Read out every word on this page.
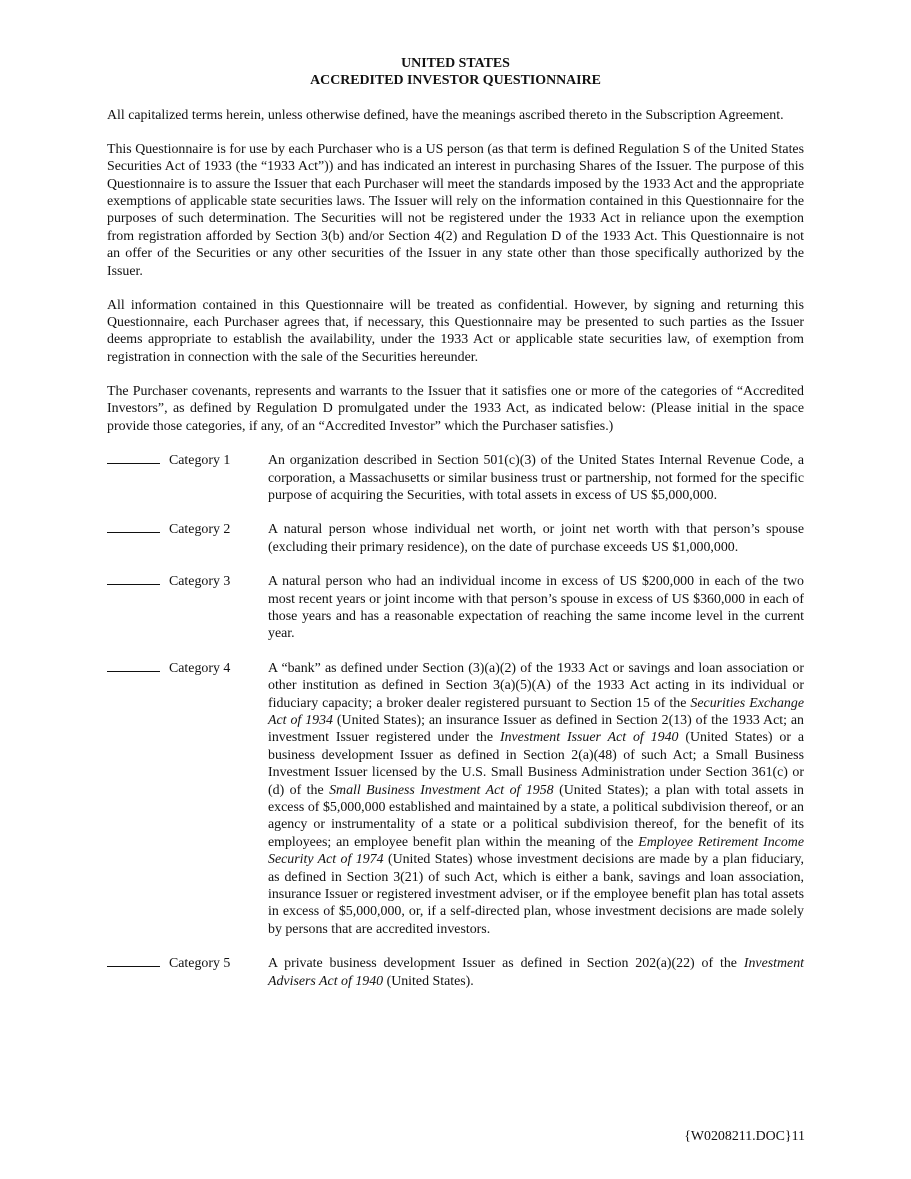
UNITED STATES
ACCREDITED INVESTOR QUESTIONNAIRE

All capitalized terms herein, unless otherwise defined, have the meanings ascribed thereto in the Subscription Agreement.

This Questionnaire is for use by each Purchaser who is a US person (as that term is defined Regulation S of the United States Securities Act of 1933 (the “1933 Act”)) and has indicated an interest in purchasing Shares of the Issuer. The purpose of this Questionnaire is to assure the Issuer that each Purchaser will meet the standards imposed by the 1933 Act and the appropriate exemptions of applicable state securities laws. The Issuer will rely on the information contained in this Questionnaire for the purposes of such determination. The Securities will not be registered under the 1933 Act in reliance upon the exemption from registration afforded by Section 3(b) and/or Section 4(2) and Regulation D of the 1933 Act. This Questionnaire is not an offer of the Securities or any other securities of the Issuer in any state other than those specifically authorized by the Issuer.

All information contained in this Questionnaire will be treated as confidential. However, by signing and returning this Questionnaire, each Purchaser agrees that, if necessary, this Questionnaire may be presented to such parties as the Issuer deems appropriate to establish the availability, under the 1933 Act or applicable state securities law, of exemption from registration in connection with the sale of the Securities hereunder.

The Purchaser covenants, represents and warrants to the Issuer that it satisfies one or more of the categories of “Accredited Investors”, as defined by Regulation D promulgated under the 1933 Act, as indicated below: (Please initial in the space provide those categories, if any, of an “Accredited Investor” which the Purchaser satisfies.)

Category 1	An organization described in Section 501(c)(3) of the United States Internal Revenue Code, a corporation, a Massachusetts or similar business trust or partnership, not formed for the specific purpose of acquiring the Securities, with total assets in excess of US $5,000,000.
Category 2	A natural person whose individual net worth, or joint net worth with that person’s spouse (excluding their primary residence), on the date of purchase exceeds US $1,000,000.
Category 3	A natural person who had an individual income in excess of US $200,000 in each of the two most recent years or joint income with that person’s spouse in excess of US $360,000 in each of those years and has a reasonable expectation of reaching the same income level in the current year.
Category 4	A “bank” as defined under Section (3)(a)(2) of the 1933 Act or savings and loan association or other institution as defined in Section 3(a)(5)(A) of the 1933 Act acting in its individual or fiduciary capacity; a broker dealer registered pursuant to Section 15 of the Securities Exchange Act of 1934 (United States); an insurance Issuer as defined in Section 2(13) of the 1933 Act; an investment Issuer registered under the Investment Issuer Act of 1940 (United States) or a business development Issuer as defined in Section 2(a)(48) of such Act; a Small Business Investment Issuer licensed by the U.S. Small Business Administration under Section 361(c) or (d) of the Small Business Investment Act of 1958 (United States); a plan with total assets in excess of $5,000,000 established and maintained by a state, a political subdivision thereof, or an agency or instrumentality of a state or a political subdivision thereof, for the benefit of its employees; an employee benefit plan within the meaning of the Employee Retirement Income Security Act of 1974 (United States) whose investment decisions are made by a plan fiduciary, as defined in Section 3(21) of such Act, which is either a bank, savings and loan association, insurance Issuer or registered investment adviser, or if the employee benefit plan has total assets in excess of $5,000,000, or, if a self-directed plan, whose investment decisions are made solely by persons that are accredited investors.
Category 5	A private business development Issuer as defined in Section 202(a)(22) of the Investment Advisers Act of 1940 (United States).
{W0208211.DOC}11
